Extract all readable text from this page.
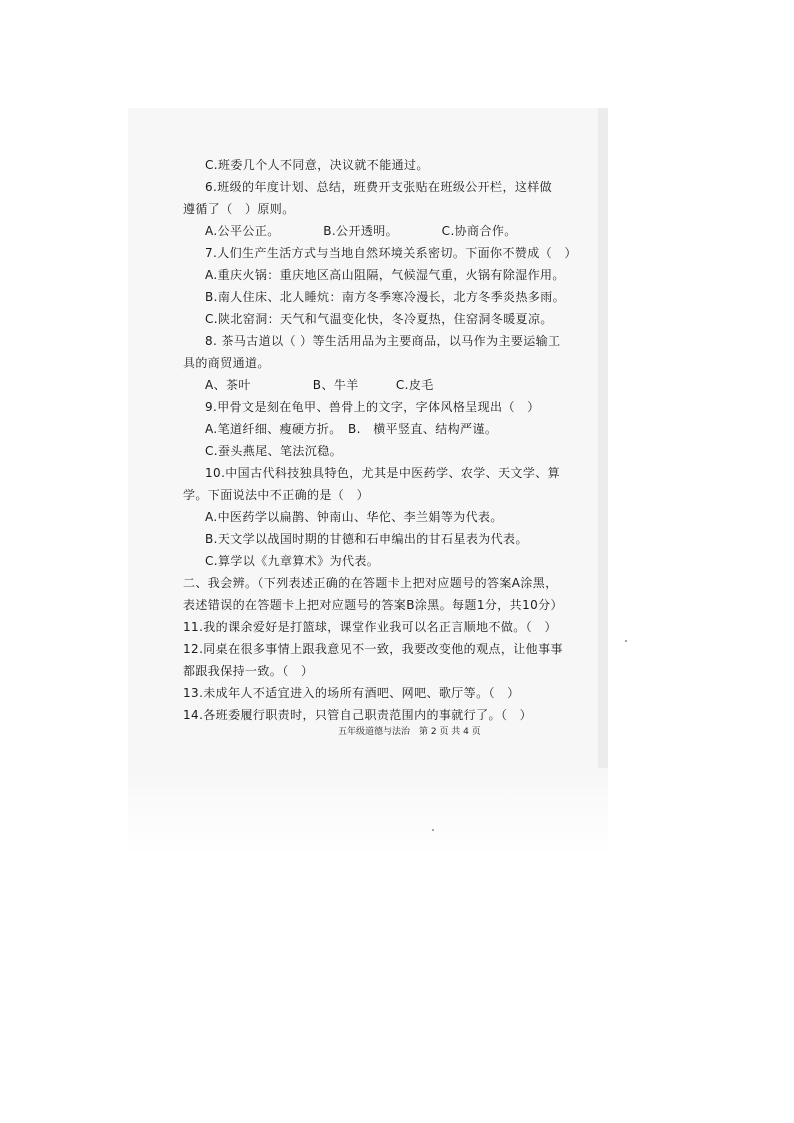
C.班委几个人不同意，决议就不能通过。
6.班级的年度计划、总结，班费开支张贴在班级公开栏，这样做
遵循了（　）原则。
A.公平公正。　　　　B.公开透明。　　　　C.协商合作。
7.人们生产生活方式与当地自然环境关系密切。下面你不赞成（　）
A.重庆火锅：重庆地区高山阻隔，气候湿气重，火锅有除湿作用。
B.南人住床、北人睡炕：南方冬季寒冷漫长，北方冬季炎热多雨。
C.陕北窑洞：天气和气温变化快，冬冷夏热，住窑洞冬暖夏凉。
8. 茶马古道以（ ）等生活用品为主要商品，以马作为主要运输工
具的商贸通道。
A、茶叶　　　　　B、牛羊　　　C.皮毛
9.甲骨文是刻在龟甲、兽骨上的文字，字体风格呈现出（　）
A.笔道纤细、瘦硬方折。　B.　横平竖直、结构严谨。
C.蚕头燕尾、笔法沉稳。
10.中国古代科技独具特色，尤其是中医药学、农学、天文学、算
学。下面说法中不正确的是（　）
A.中医药学以扁鹊、钟南山、华佗、李兰娟等为代表。
B.天文学以战国时期的甘德和石申编出的甘石星表为代表。
C.算学以《九章算术》为代表。
二、我会辨。（下列表述正确的在答题卡上把对应题号的答案A涂黑，
表述错误的在答题卡上把对应题号的答案B涂黑。每题1分，共10分）
11.我的课余爱好是打篮球，课堂作业我可以名正言顺地不做。（　）
12.同桌在很多事情上跟我意见不一致，我要改变他的观点，让他事事
都跟我保持一致。（　）
13.未成年人不适宜进入的场所有酒吧、网吧、歌厅等。（　）
14.各班委履行职责时，只管自己职责范围内的事就行了。（　）
五年级道德与法治　第 2 页 共 4 页
